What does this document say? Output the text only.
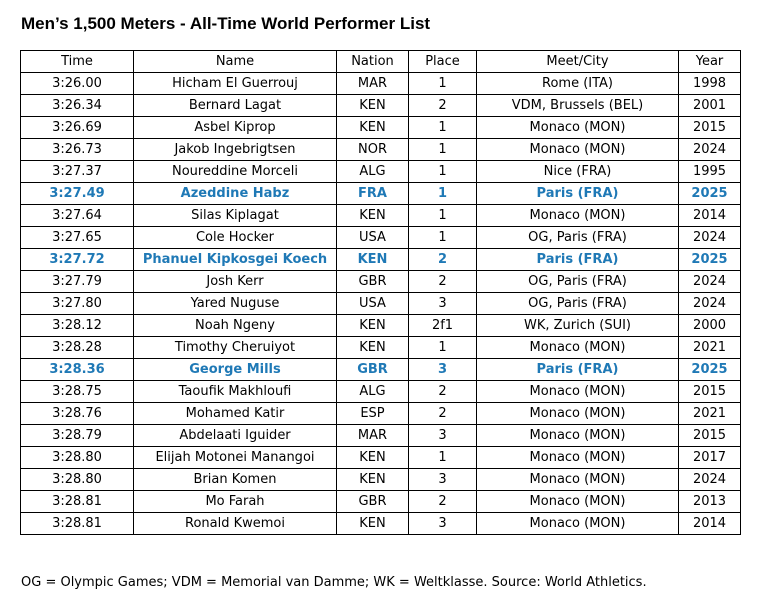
Men’s 1,500 Meters - All-Time World Performer List
Time	Name	Nation	Place	Meet/City	Year
3:26.00	Hicham El Guerrouj	MAR	1	Rome (ITA)	1998
3:26.34	Bernard Lagat	KEN	2	VDM, Brussels (BEL)	2001
3:26.69	Asbel Kiprop	KEN	1	Monaco (MON)	2015
3:26.73	Jakob Ingebrigtsen	NOR	1	Monaco (MON)	2024
3:27.37	Noureddine Morceli	ALG	1	Nice (FRA)	1995
3:27.49	Azeddine Habz	FRA	1	Paris (FRA)	2025
3:27.64	Silas Kiplagat	KEN	1	Monaco (MON)	2014
3:27.65	Cole Hocker	USA	1	OG, Paris (FRA)	2024
3:27.72	Phanuel Kipkosgei Koech	KEN	2	Paris (FRA)	2025
3:27.79	Josh Kerr	GBR	2	OG, Paris (FRA)	2024
3:27.80	Yared Nuguse	USA	3	OG, Paris (FRA)	2024
3:28.12	Noah Ngeny	KEN	2f1	WK, Zurich (SUI)	2000
3:28.28	Timothy Cheruiyot	KEN	1	Monaco (MON)	2021
3:28.36	George Mills	GBR	3	Paris (FRA)	2025
3:28.75	Taoufik Makhloufi	ALG	2	Monaco (MON)	2015
3:28.76	Mohamed Katir	ESP	2	Monaco (MON)	2021
3:28.79	Abdelaati Iguider	MAR	3	Monaco (MON)	2015
3:28.80	Elijah Motonei Manangoi	KEN	1	Monaco (MON)	2017
3:28.80	Brian Komen	KEN	3	Monaco (MON)	2024
3:28.81	Mo Farah	GBR	2	Monaco (MON)	2013
3:28.81	Ronald Kwemoi	KEN	3	Monaco (MON)	2014
OG = Olympic Games; VDM = Memorial van Damme; WK = Weltklasse. Source: World Athletics.
